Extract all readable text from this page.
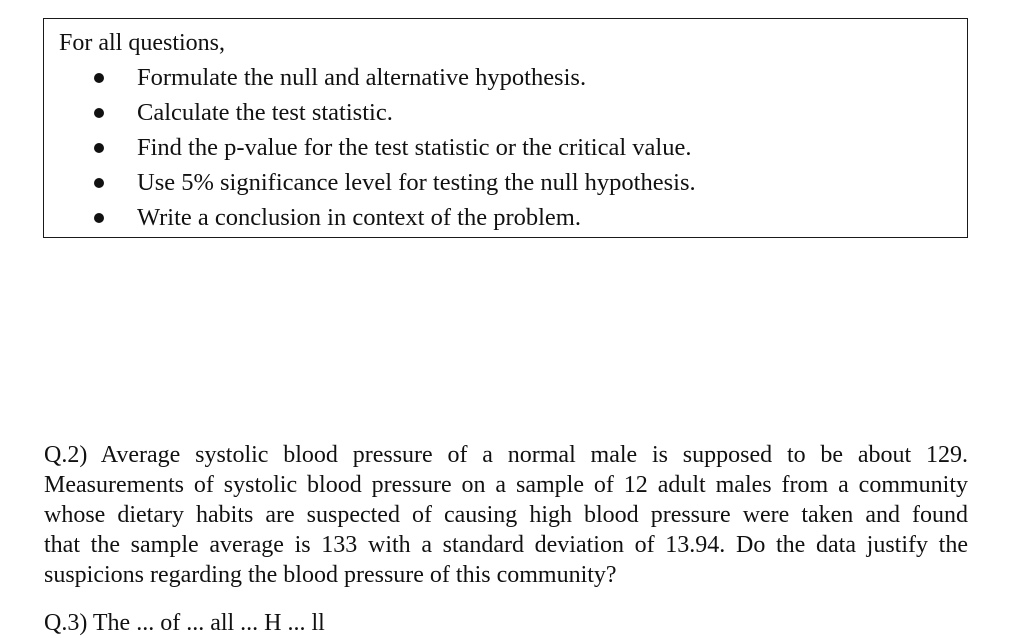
For all questions,

Formulate the null and alternative hypothesis.
Calculate the test statistic.
Find the p-value for the test statistic or the critical value.
Use 5% significance level for testing the null hypothesis.
Write a conclusion in context of the problem.
Q.2) Average systolic blood pressure of a normal male is supposed to be about 129.
Measurements of systolic blood pressure on a sample of 12 adult males from a community
whose dietary habits are suspected of causing high blood pressure were taken and found
that the sample average is 133 with a standard deviation of 13.94. Do the data justify the
suspicions regarding the blood pressure of this community?

Q.3) The ... of ... all ... H ... ll
